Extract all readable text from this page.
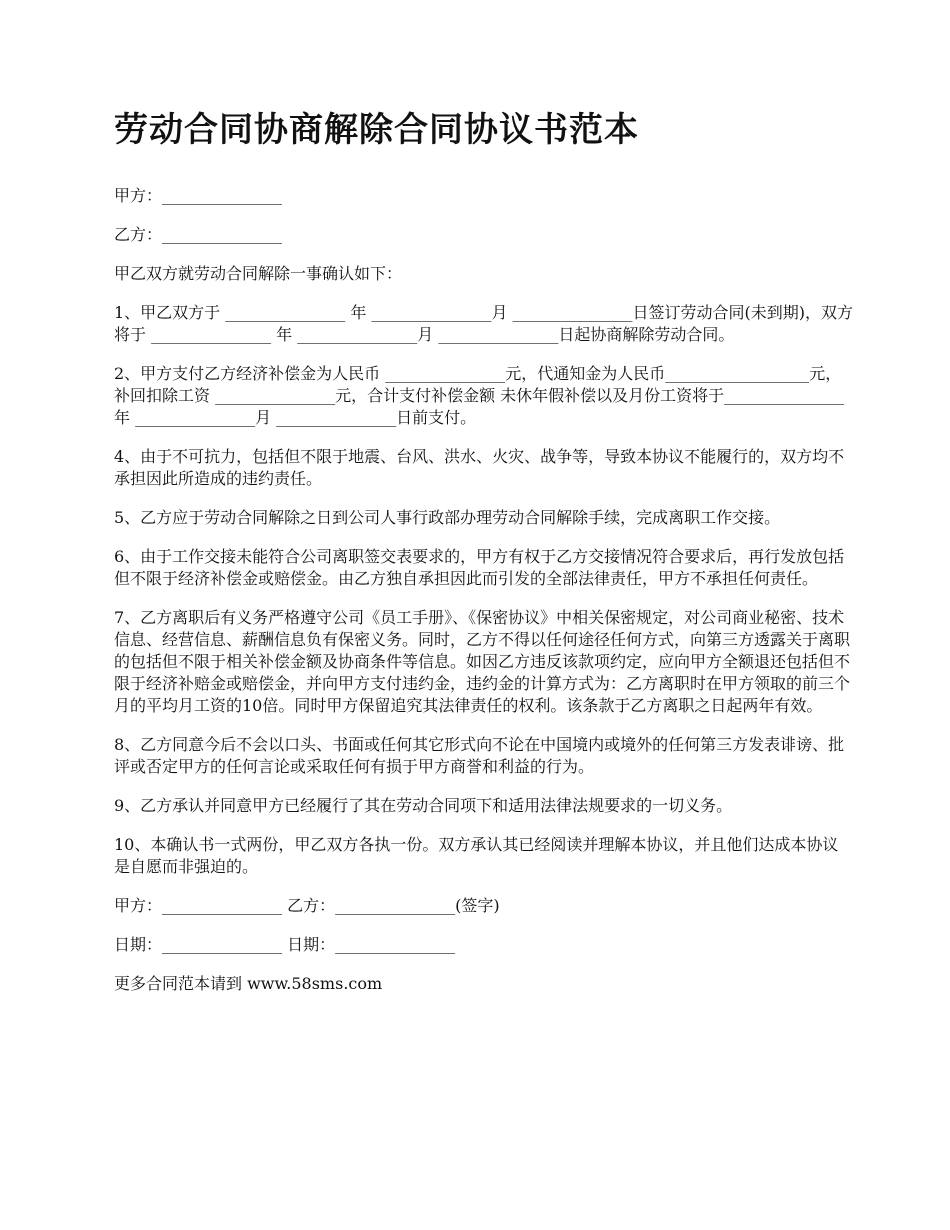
劳动合同协商解除合同协议书范本

甲方：_______________

乙方：_______________

甲乙双方就劳动合同解除一事确认如下：

1、甲乙双方于 _______________ 年 _______________月 _______________日签订劳动合同(未到期)，双方将于 _______________ 年 _______________月 _______________日起协商解除劳动合同。

2、甲方支付乙方经济补偿金为人民币 _______________元，代通知金为人民币__________________元，补回扣除工资 _______________元，合计支付补偿金额 未休年假补偿以及月份工资将于_______________ 年 _______________月 _______________日前支付。

4、由于不可抗力，包括但不限于地震、台风、洪水、火灾、战争等，导致本协议不能履行的，双方均不承担因此所造成的违约责任。

5、乙方应于劳动合同解除之日到公司人事行政部办理劳动合同解除手续，完成离职工作交接。

6、由于工作交接未能符合公司离职签交表要求的，甲方有权于乙方交接情况符合要求后，再行发放包括但不限于经济补偿金或赔偿金。由乙方独自承担因此而引发的全部法律责任，甲方不承担任何责任。

7、乙方离职后有义务严格遵守公司《员工手册》、《保密协议》中相关保密规定，对公司商业秘密、技术信息、经营信息、薪酬信息负有保密义务。同时，乙方不得以任何途径任何方式，向第三方透露关于离职的包括但不限于相关补偿金额及协商条件等信息。如因乙方违反该款项约定，应向甲方全额退还包括但不限于经济补赔金或赔偿金，并向甲方支付违约金，违约金的计算方式为：乙方离职时在甲方领取的前三个月的平均月工资的10倍。同时甲方保留追究其法律责任的权利。该条款于乙方离职之日起两年有效。

8、乙方同意今后不会以口头、书面或任何其它形式向不论在中国境内或境外的任何第三方发表诽谤、批评或否定甲方的任何言论或采取任何有损于甲方商誉和利益的行为。

9、乙方承认并同意甲方已经履行了其在劳动合同项下和适用法律法规要求的一切义务。

10、本确认书一式两份，甲乙双方各执一份。双方承认其已经阅读并理解本协议，并且他们达成本协议是自愿而非强迫的。

甲方：_______________ 乙方：_______________(签字)

日期：_______________ 日期：_______________

更多合同范本请到 www.58sms.com
